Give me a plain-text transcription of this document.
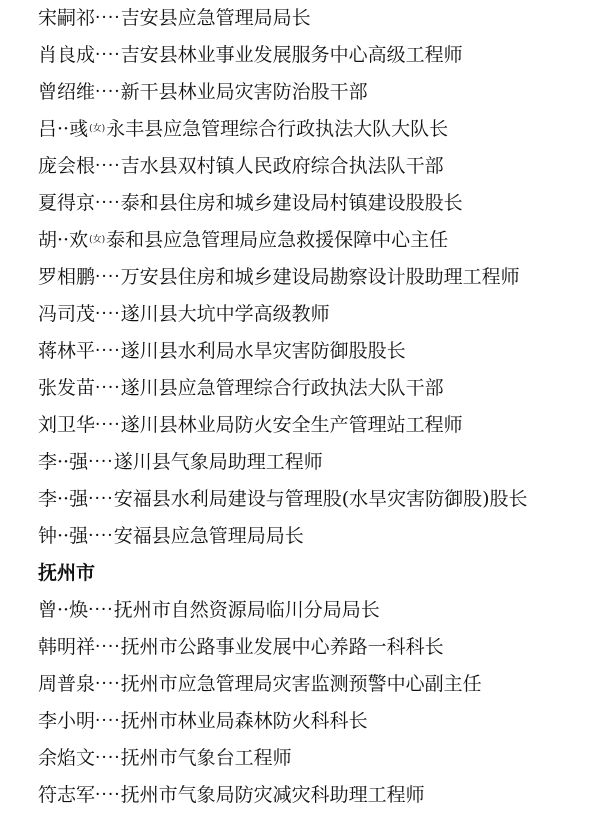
宋嗣祁 ···· 吉安县应急管理局局长
肖良成 ···· 吉安县林业事业发展服务中心高级工程师
曾绍维 ···· 新干县林业局灾害防治股干部
吕··彧 (女) 永丰县应急管理综合行政执法大队大队长
庞会根 ···· 吉水县双村镇人民政府综合执法队干部
夏得京 ···· 泰和县住房和城乡建设局村镇建设股股长
胡··欢 (女) 泰和县应急管理局应急救援保障中心主任
罗相鹏 ···· 万安县住房和城乡建设局勘察设计股助理工程师
冯司茂 ···· 遂川县大坑中学高级教师
蒋林平 ···· 遂川县水利局水旱灾害防御股股长
张发苗 ···· 遂川县应急管理综合行政执法大队干部
刘卫华 ···· 遂川县林业局防火安全生产管理站工程师
李··强 ···· 遂川县气象局助理工程师
李··强 ···· 安福县水利局建设与管理股(水旱灾害防御股)股长
钟··强 ···· 安福县应急管理局局长
抚州市
曾··焕 ···· 抚州市自然资源局临川分局局长
韩明祥 ···· 抚州市公路事业发展中心养路一科科长
周普泉 ···· 抚州市应急管理局灾害监测预警中心副主任
李小明 ···· 抚州市林业局森林防火科科长
余焰文 ···· 抚州市气象台工程师
符志军 ···· 抚州市气象局防灾减灾科助理工程师
